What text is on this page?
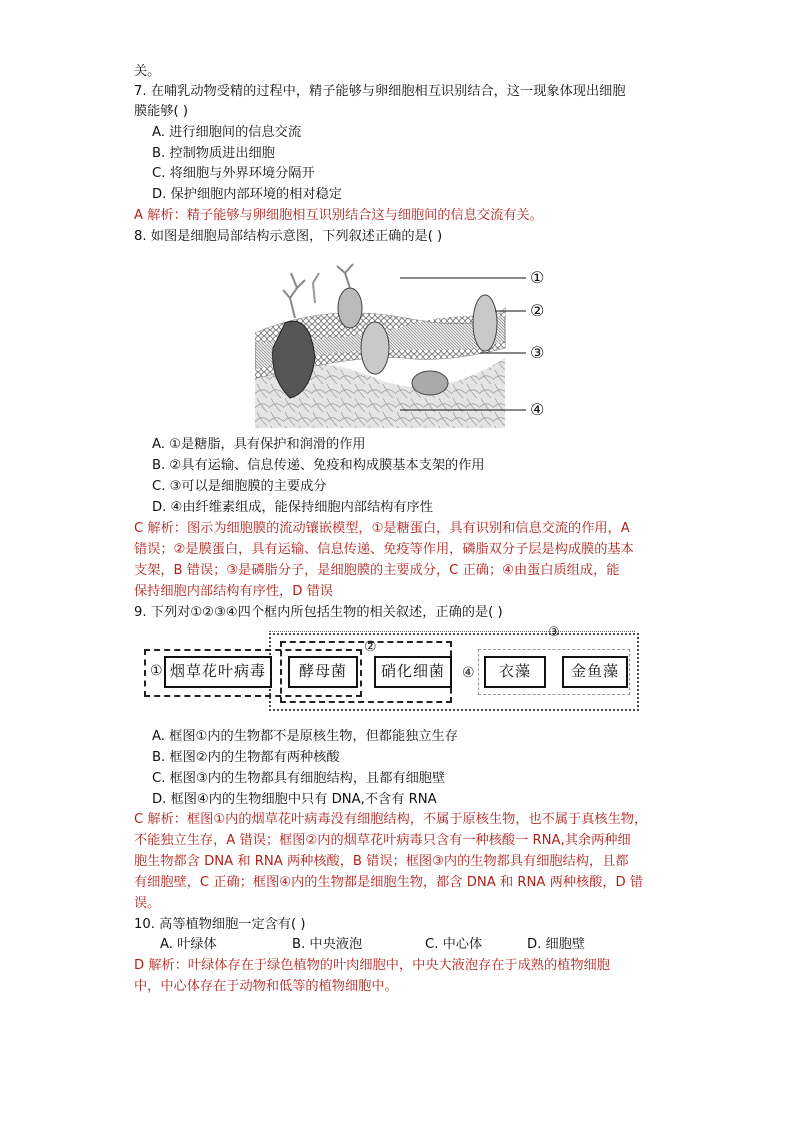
关。
7. 在哺乳动物受精的过程中，精子能够与卵细胞相互识别结合，这一现象体现出细胞
膜能够( )
A. 进行细胞间的信息交流
B. 控制物质进出细胞
C. 将细胞与外界环境分隔开
D. 保护细胞内部环境的相对稳定
A 解析：精子能够与卵细胞相互识别结合这与细胞间的信息交流有关。
8. 如图是细胞局部结构示意图，下列叙述正确的是( )
①
②
③
④
A. ①是糖脂，具有保护和润滑的作用
B. ②具有运输、信息传递、免疫和构成膜基本支架的作用
C. ③可以是细胞膜的主要成分
D. ④由纤维素组成，能保持细胞内部结构有序性
C 解析：图示为细胞膜的流动镶嵌模型，①是糖蛋白，具有识别和信息交流的作用，A
错误；②是膜蛋白，具有运输、信息传递、免疫等作用，磷脂双分子层是构成膜的基本
支架，B 错误；③是磷脂分子，是细胞膜的主要成分，C 正确；④由蛋白质组成，能
保持细胞内部结构有序性，D 错误
9. 下列对①②③④四个框内所包括生物的相关叙述，正确的是( )
③
②
①	④
烟草花叶病毒	酵母菌	硝化细菌	衣藻	金鱼藻
A. 框图①内的生物都不是原核生物，但都能独立生存
B. 框图②内的生物都有两种核酸
C. 框图③内的生物都具有细胞结构，且都有细胞壁
D. 框图④内的生物细胞中只有 DNA,不含有 RNA
C 解析：框图①内的烟草花叶病毒没有细胞结构，不属于原核生物，也不属于真核生物，
不能独立生存，A 错误；框图②内的烟草花叶病毒只含有一种核酸一 RNA,其余两种细
胞生物都含 DNA 和 RNA 两种核酸，B 错误；框图③内的生物都具有细胞结构，且都
有细胞壁，C 正确；框图④内的生物都是细胞生物，都含 DNA 和 RNA 两种核酸，D 错
误。
10. 高等植物细胞一定含有( )
A. 叶绿体	B. 中央液泡	C. 中心体	D. 细胞壁
D 解析：叶绿体存在于绿色植物的叶肉细胞中，中央大液泡存在于成熟的植物细胞
中，中心体存在于动物和低等的植物细胞中。
